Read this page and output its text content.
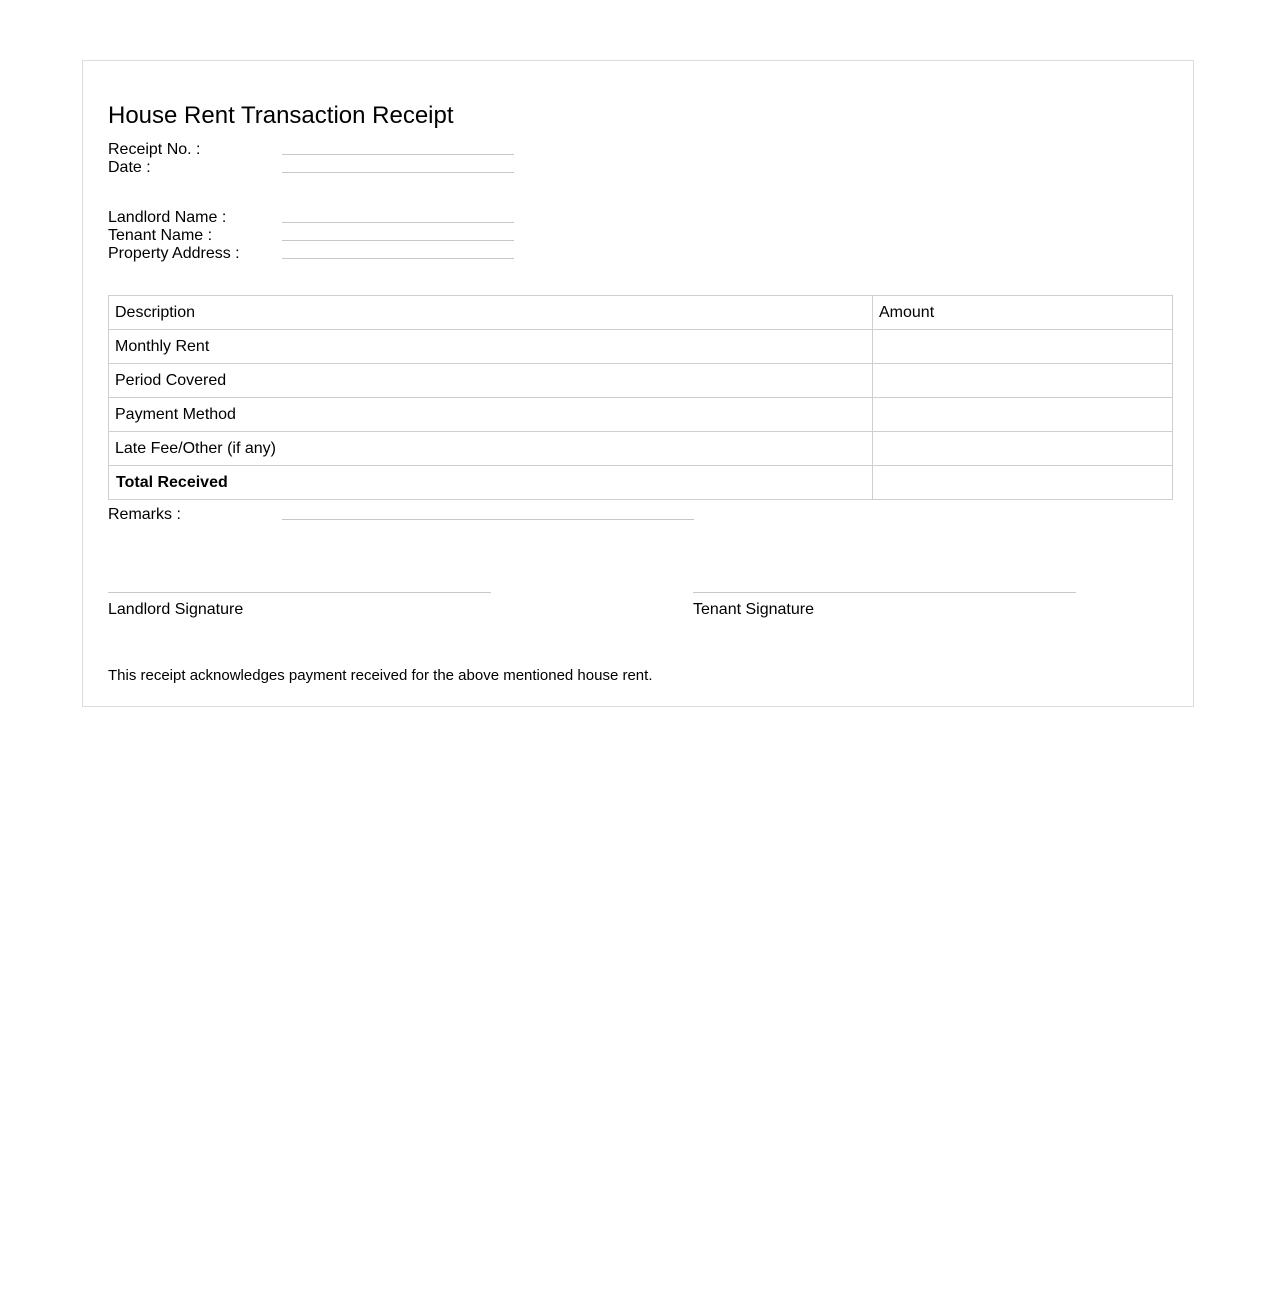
House Rent Transaction Receipt
Receipt No. :
Date :
Landlord Name :
Tenant Name :
Property Address :
Description	Amount
Monthly Rent	
Period Covered	
Payment Method	
Late Fee/Other (if any)	
Total Received	
Remarks :
Landlord Signature	Tenant Signature
This receipt acknowledges payment received for the above mentioned house rent.
